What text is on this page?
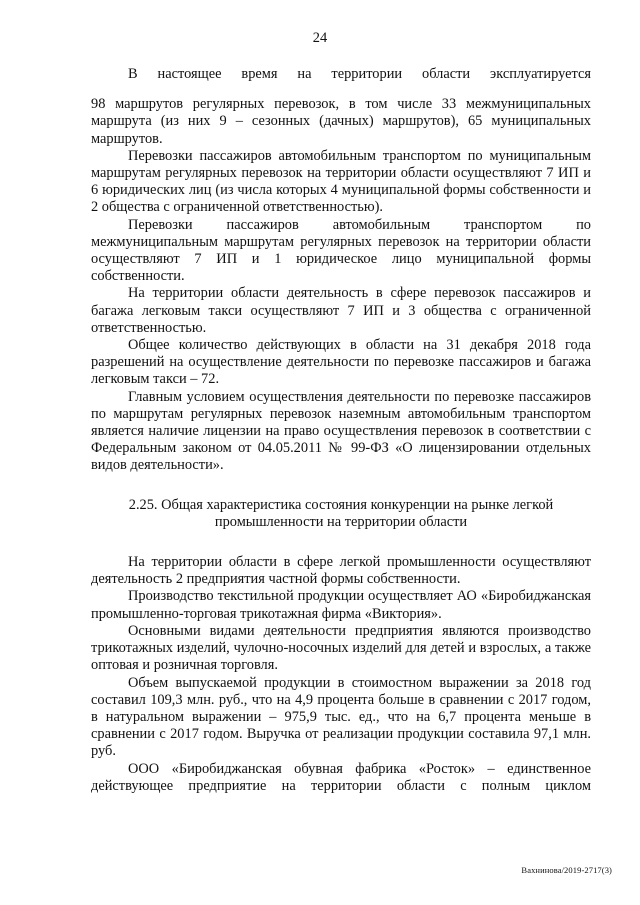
24

В настоящее время на территории области эксплуатируется

98 маршрутов регулярных перевозок, в том числе 33 межмуниципальных маршрута (из них 9 – сезонных (дачных) маршрутов), 65 муниципальных маршрутов.

Перевозки пассажиров автомобильным транспортом по муниципальным маршрутам регулярных перевозок на территории области осуществляют 7 ИП и 6 юридических лиц (из числа которых 4 муниципальной формы собственности и 2 общества с ограниченной ответственностью).

Перевозки пассажиров автомобильным транспортом по межмуниципальным маршрутам регулярных перевозок на территории области осуществляют 7 ИП и 1 юридическое лицо муниципальной формы собственности.

На территории области деятельность в сфере перевозок пассажиров и багажа легковым такси осуществляют 7 ИП и 3 общества с ограниченной ответственностью.

Общее количество действующих в области на 31 декабря 2018 года разрешений на осуществление деятельности по перевозке пассажиров и багажа легковым такси – 72.

Главным условием осуществления деятельности по перевозке пассажиров по маршрутам регулярных перевозок наземным автомобильным транспортом является наличие лицензии на право осуществления перевозок в соответствии с Федеральным законом от 04.05.2011 № 99-ФЗ «О лицензировании отдельных видов деятельности».

2.25. Общая характеристика состояния конкуренции на рынке легкой
промышленности на территории области

На территории области в сфере легкой промышленности осуществляют деятельность 2 предприятия частной формы собственности.

Производство текстильной продукции осуществляет АО «Биробиджанская промышленно-торговая трикотажная фирма «Виктория».

Основными видами деятельности предприятия являются производство трикотажных изделий, чулочно-носочных изделий для детей и взрослых, а также оптовая и розничная торговля.

Объем выпускаемой продукции в стоимостном выражении за 2018 год составил 109,3 млн. руб., что на 4,9 процента больше в сравнении с 2017 годом, в натуральном выражении – 975,9 тыс. ед., что на 6,7 процента меньше в сравнении с 2017 годом. Выручка от реализации продукции составила 97,1 млн. руб.

ООО «Биробиджанская обувная фабрика «Росток» – единственное действующее предприятие на территории области с полным циклом

Вахнинова/2019-2717(3)
